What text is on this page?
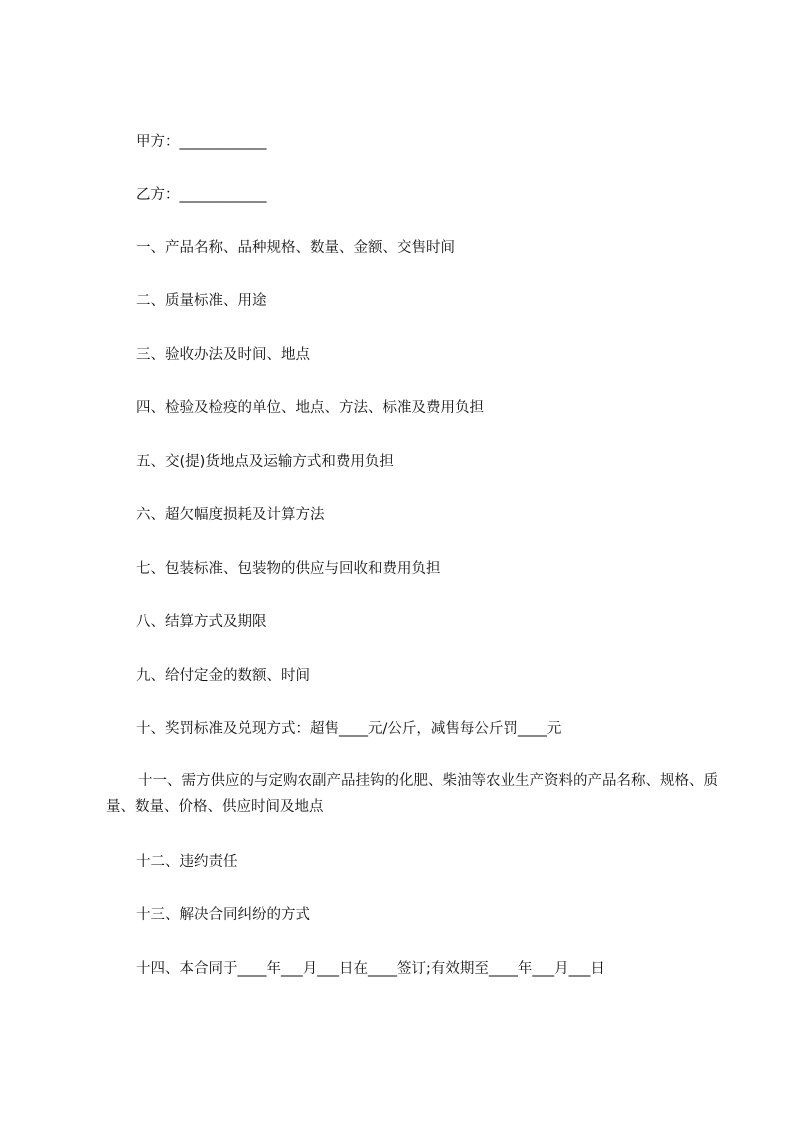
甲方：____________
乙方：____________
一、产品名称、品种规格、数量、金额、交售时间
二、质量标准、用途
三、验收办法及时间、地点
四、检验及检疫的单位、地点、方法、标准及费用负担
五、交(提)货地点及运输方式和费用负担
六、超欠幅度损耗及计算方法
七、包装标准、包装物的供应与回收和费用负担
八、结算方式及期限
九、给付定金的数额、时间
十、奖罚标准及兑现方式：超售____元/公斤，减售每公斤罚____元
十一、需方供应的与定购农副产品挂钩的化肥、柴油等农业生产资料的产品名称、规格、质量、数量、价格、供应时间及地点
十二、违约责任
十三、解决合同纠纷的方式
十四、本合同于____年___月___日在____签订;有效期至____年___月___日
